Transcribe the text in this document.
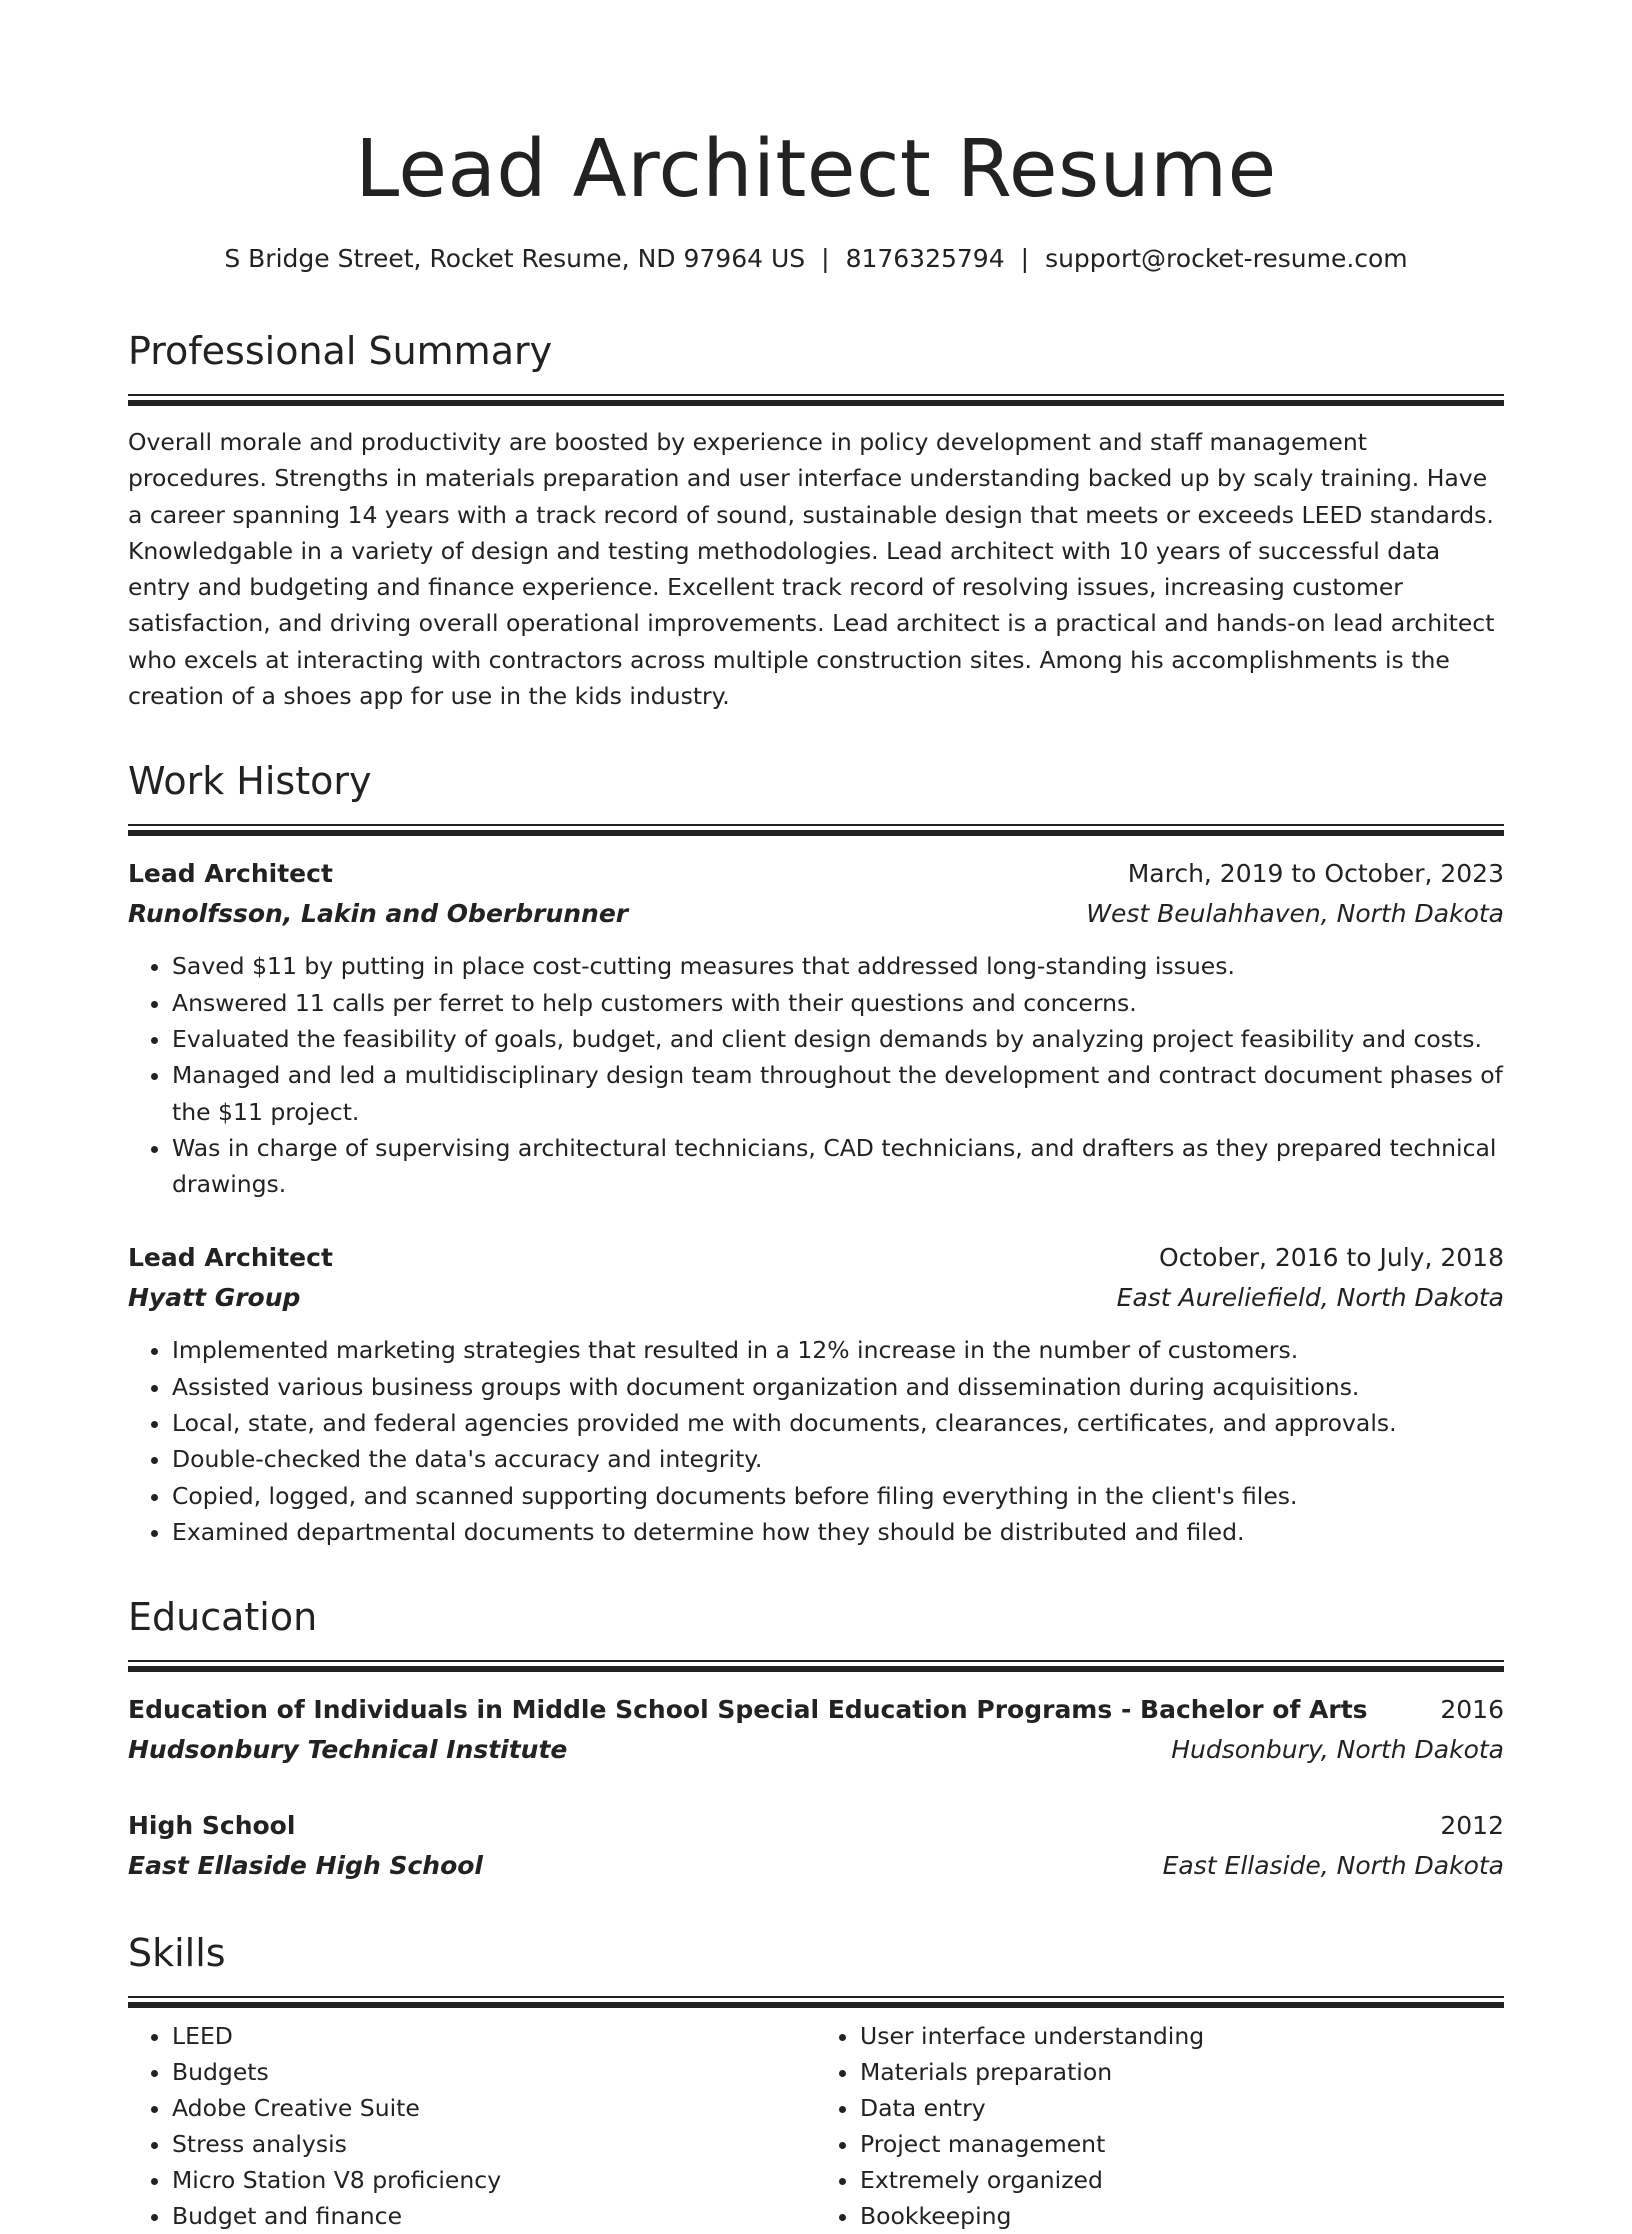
Lead Architect Resume
S Bridge Street, Rocket Resume, ND 97964 US | 8176325794 | support@rocket-resume.com
Professional Summary

Overall morale and productivity are boosted by experience in policy development and staff management procedures. Strengths in materials preparation and user interface understanding backed up by scaly training. Have a career spanning 14 years with a track record of sound, sustainable design that meets or exceeds LEED standards. Knowledgable in a variety of design and testing methodologies. Lead architect with 10 years of successful data entry and budgeting and finance experience. Excellent track record of resolving issues, increasing customer satisfaction, and driving overall operational improvements. Lead architect is a practical and hands-on lead architect who excels at interacting with contractors across multiple construction sites. Among his accomplishments is the creation of a shoes app for use in the kids industry.

Work History
Lead Architect	March, 2019 to October, 2023
Runolfsson, Lakin and Oberbrunner	West Beulahhaven, North Dakota
• Saved $11 by putting in place cost-cutting measures that addressed long-standing issues.
• Answered 11 calls per ferret to help customers with their questions and concerns.
• Evaluated the feasibility of goals, budget, and client design demands by analyzing project feasibility and costs.
• Managed and led a multidisciplinary design team throughout the development and contract document phases of the $11 project.
• Was in charge of supervising architectural technicians, CAD technicians, and drafters as they prepared technical drawings.
Lead Architect	October, 2016 to July, 2018
Hyatt Group	East Aureliefield, North Dakota
• Implemented marketing strategies that resulted in a 12% increase in the number of customers.
• Assisted various business groups with document organization and dissemination during acquisitions.
• Local, state, and federal agencies provided me with documents, clearances, certificates, and approvals.
• Double-checked the data's accuracy and integrity.
• Copied, logged, and scanned supporting documents before filing everything in the client's files.
• Examined departmental documents to determine how they should be distributed and filed.
Education
Education of Individuals in Middle School Special Education Programs - Bachelor of Arts	2016
Hudsonbury Technical Institute	Hudsonbury, North Dakota
High School	2012
East Ellaside High School	East Ellaside, North Dakota
Skills
• LEED
• Budgets
• Adobe Creative Suite
• Stress analysis
• Micro Station V8 proficiency
• Budget and finance
• User interface understanding
• Materials preparation
• Data entry
• Project management
• Extremely organized
• Bookkeeping
